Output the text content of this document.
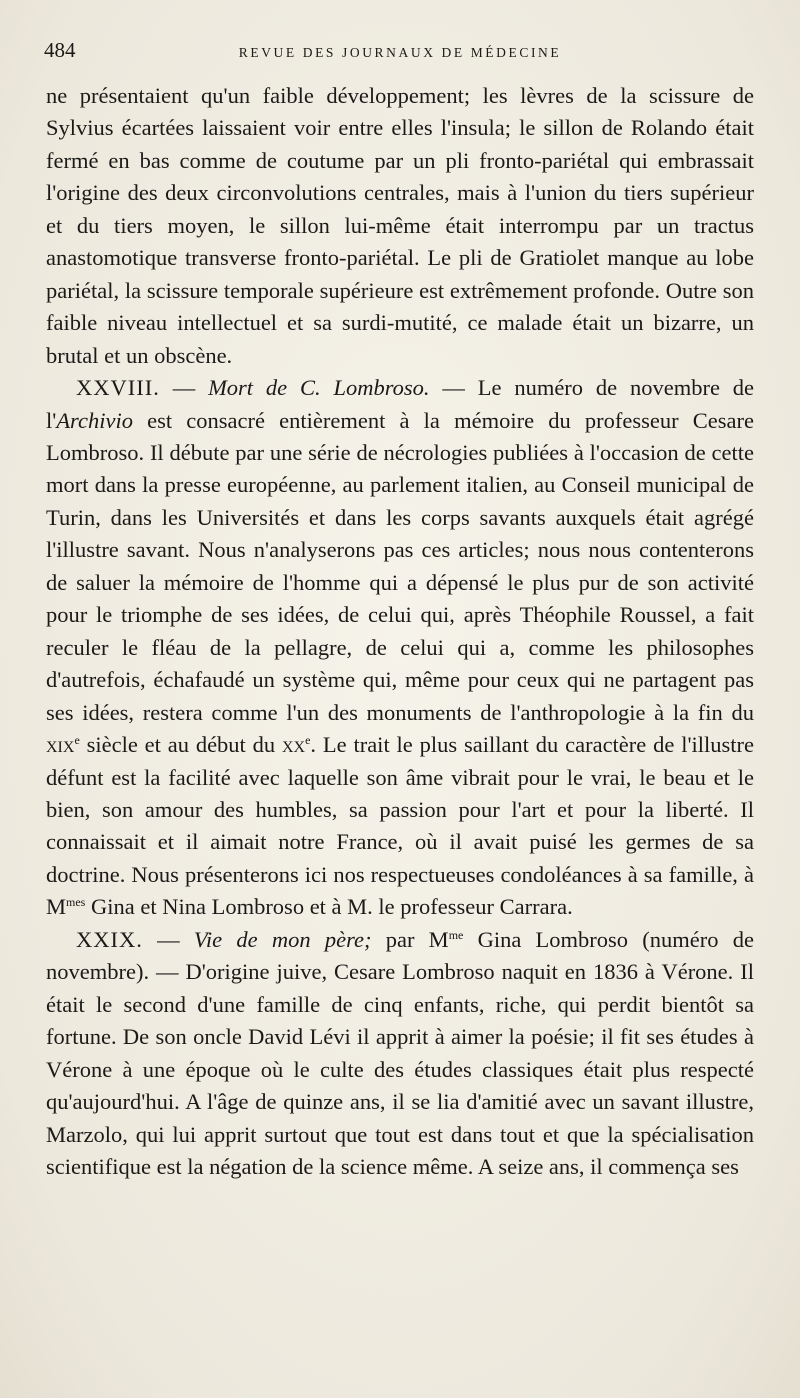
484	REVUE DES JOURNAUX DE MÉDECINE

ne présentaient qu'un faible développement; les lèvres de la scissure de Sylvius écartées laissaient voir entre elles l'insula; le sillon de Rolando était fermé en bas comme de coutume par un pli fronto-pariétal qui embrassait l'origine des deux circonvolutions centrales, mais à l'union du tiers supérieur et du tiers moyen, le sillon lui-même était interrompu par un tractus anastomotique transverse fronto-pariétal. Le pli de Gratiolet manque au lobe pariétal, la scissure temporale supérieure est extrêmement profonde. Outre son faible niveau intellectuel et sa surdi-mutité, ce malade était un bizarre, un brutal et un obscène.

XXVIII. — Mort de C. Lombroso. — Le numéro de novembre de l'Archivio est consacré entièrement à la mémoire du professeur Cesare Lombroso. Il débute par une série de nécrologies publiées à l'occasion de cette mort dans la presse européenne, au parlement italien, au Conseil municipal de Turin, dans les Universités et dans les corps savants auxquels était agrégé l'illustre savant. Nous n'analyserons pas ces articles; nous nous contenterons de saluer la mémoire de l'homme qui a dépensé le plus pur de son activité pour le triomphe de ses idées, de celui qui, après Théophile Roussel, a fait reculer le fléau de la pellagre, de celui qui a, comme les philosophes d'autrefois, échafaudé un système qui, même pour ceux qui ne partagent pas ses idées, restera comme l'un des monuments de l'anthropologie à la fin du xix$^e$ siècle et au début du $xx^e$. Le trait le plus saillant du caractère de l'illustre défunt est la facilité avec laquelle son âme vibrait pour le vrai, le beau et le bien, son amour des humbles, sa passion pour l'art et pour la liberté. Il connaissait et il aimait notre France, où il avait puisé les germes de sa doctrine. Nous présenterons ici nos respectueuses condoléances à sa famille, à $M^{mes}$ Gina et Nina Lombroso et à M. le professeur Carrara.

XXIX. — Vie de mon père; par $M^{me}$ Gina Lombroso (numéro de novembre). — D'origine juive, Cesare Lombroso naquit en 1836 à Vérone. Il était le second d'une famille de cinq enfants, riche, qui perdit bientôt sa fortune. De son oncle David Lévi il apprit à aimer la poésie; il fit ses études à Vérone à une époque où le culte des études classiques était plus respecté qu'aujourd'hui. A l'âge de quinze ans, il se lia d'amitié avec un savant illustre, Marzolo, qui lui apprit surtout que tout est dans tout et que la spécialisation scientifique est la négation de la science même. A seize ans, il commença ses
